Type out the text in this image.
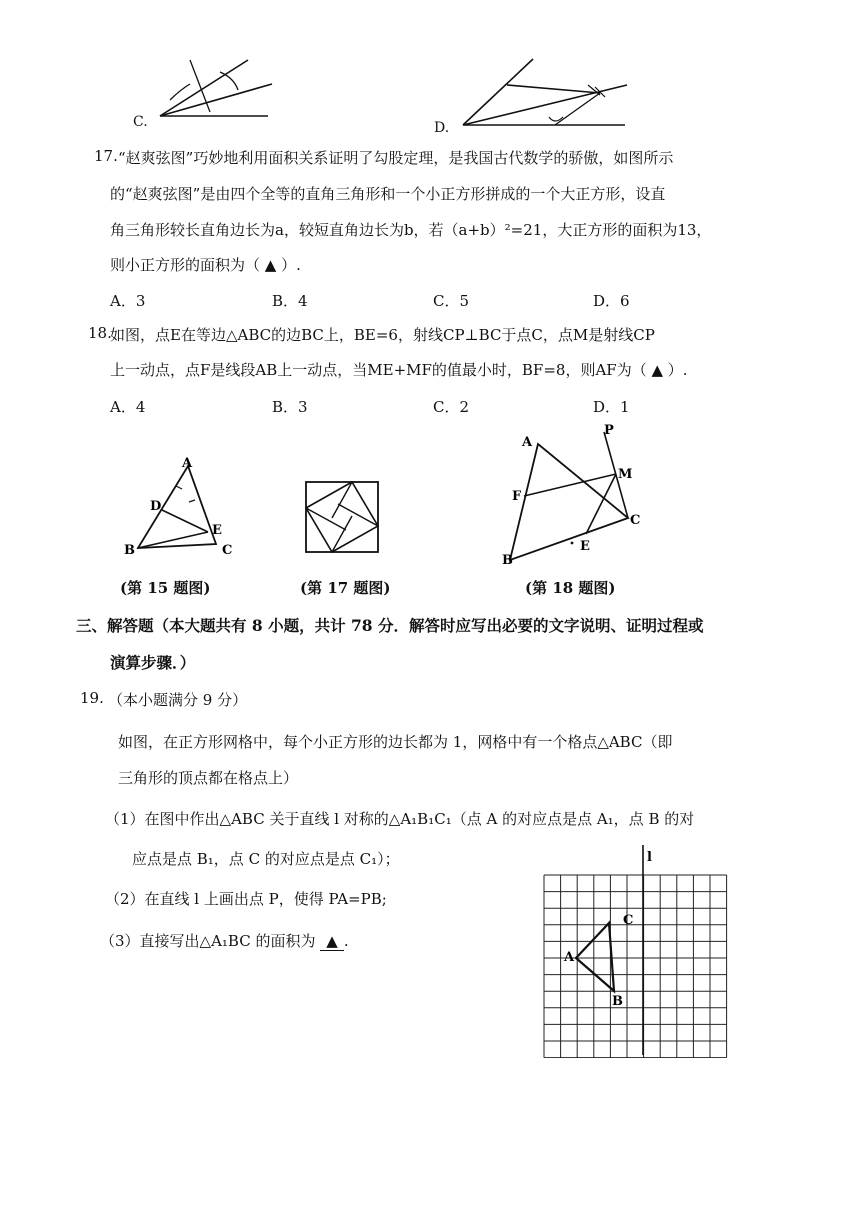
C.	D.
17. “赵爽弦图”巧妙地利用面积关系证明了勾股定理，是我国古代数学的骄傲，如图所示
的“赵爽弦图”是由四个全等的直角三角形和一个小正方形拼成的一个大正方形，设直
角三角形较长直角边长为a，较短直角边长为b，若（a+b）²=21，大正方形的面积为13，
则小正方形的面积为（ ▲ ）.
A．3	B．4	C．5	D．6
18.
如图，点E在等边△ABC的边BC上，BE=6，射线CP⊥BC于点C，点M是射线CP
上一动点，点F是线段AB上一动点，当ME+MF的值最小时，BF=8，则AF为（ ▲ ）.
A．4	B．3	C．2	D．1
A
D
E
B	C
(第 15 题图)	(第 17 题图)
A
P
M
F
C
E
B
(第 18 题图)
三、解答题（本大题共有 8 小题，共计 78 分．解答时应写出必要的文字说明、证明过程或
演算步骤．）
19. （本小题满分 9 分）
如图，在正方形网格中，每个小正方形的边长都为 1，网格中有一个格点△ABC（即
三角形的顶点都在格点上）
（1）在图中作出△ABC 关于直线 l 对称的△A₁B₁C₁（点 A 的对应点是点 A₁，点 B 的对
应点是点 B₁，点 C 的对应点是点 C₁）；
（2）在直线 l 上画出点 P，使得 PA=PB;
（3）直接写出△A₁BC 的面积为 ▲ .
l
A
B
C
